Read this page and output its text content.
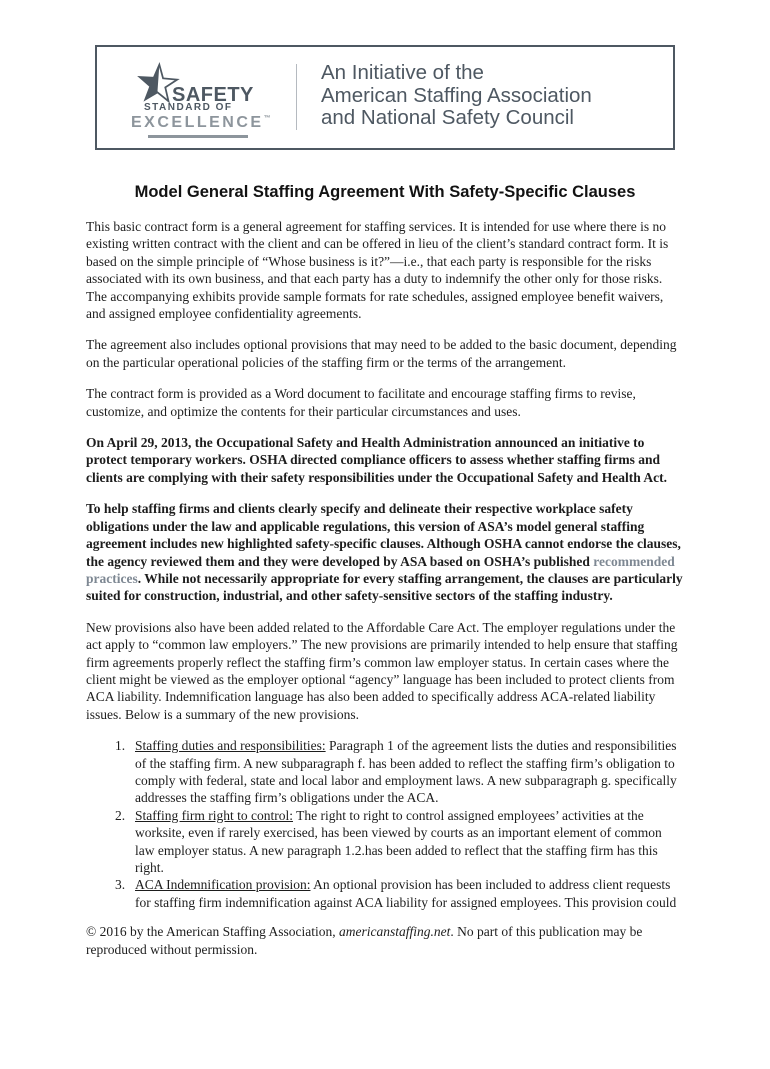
SAFETY
STANDARD OF
EXCELLENCE™
An Initiative of the
American Staffing Association
and National Safety Council
Model General Staffing Agreement With Safety-Specific Clauses

This basic contract form is a general agreement for staffing services. It is intended for use where there is no existing written contract with the client and can be offered in lieu of the client’s standard contract form. It is based on the simple principle of “Whose business is it?”—i.e., that each party is responsible for the risks associated with its own business, and that each party has a duty to indemnify the other only for those risks. The accompanying exhibits provide sample formats for rate schedules, assigned employee benefit waivers, and assigned employee confidentiality agreements.

The agreement also includes optional provisions that may need to be added to the basic document, depending on the particular operational policies of the staffing firm or the terms of the arrangement.

The contract form is provided as a Word document to facilitate and encourage staffing firms to revise, customize, and optimize the contents for their particular circumstances and uses.

On April 29, 2013, the Occupational Safety and Health Administration announced an initiative to protect temporary workers. OSHA directed compliance officers to assess whether staffing firms and clients are complying with their safety responsibilities under the Occupational Safety and Health Act.

To help staffing firms and clients clearly specify and delineate their respective workplace safety obligations under the law and applicable regulations, this version of ASA’s model general staffing agreement includes new highlighted safety-specific clauses. Although OSHA cannot endorse the clauses, the agency reviewed them and they were developed by ASA based on OSHA’s published recommended practices. While not necessarily appropriate for every staffing arrangement, the clauses are particularly suited for construction, industrial, and other safety-sensitive sectors of the staffing industry.

New provisions also have been added related to the Affordable Care Act. The employer regulations under the act apply to “common law employers.” The new provisions are primarily intended to help ensure that staffing firm agreements properly reflect the staffing firm’s common law employer status. In certain cases where the client might be viewed as the employer optional “agency” language has been included to protect clients from ACA liability. Indemnification language has also been added to specifically address ACA-related liability issues. Below is a summary of the new provisions.

1. Staffing duties and responsibilities: Paragraph 1 of the agreement lists the duties and responsibilities of the staffing firm. A new subparagraph f. has been added to reflect the staffing firm’s obligation to comply with federal, state and local labor and employment laws. A new subparagraph g. specifically addresses the staffing firm’s obligations under the ACA.
2. Staffing firm right to control: The right to right to control assigned employees’ activities at the worksite, even if rarely exercised, has been viewed by courts as an important element of common law employer status. A new paragraph 1.2.has been added to reflect that the staffing firm has this right.
3. ACA Indemnification provision: An optional provision has been included to address client requests for staffing firm indemnification against ACA liability for assigned employees. This provision could

© 2016 by the American Staffing Association, americanstaffing.net. No part of this publication may be reproduced without permission.
